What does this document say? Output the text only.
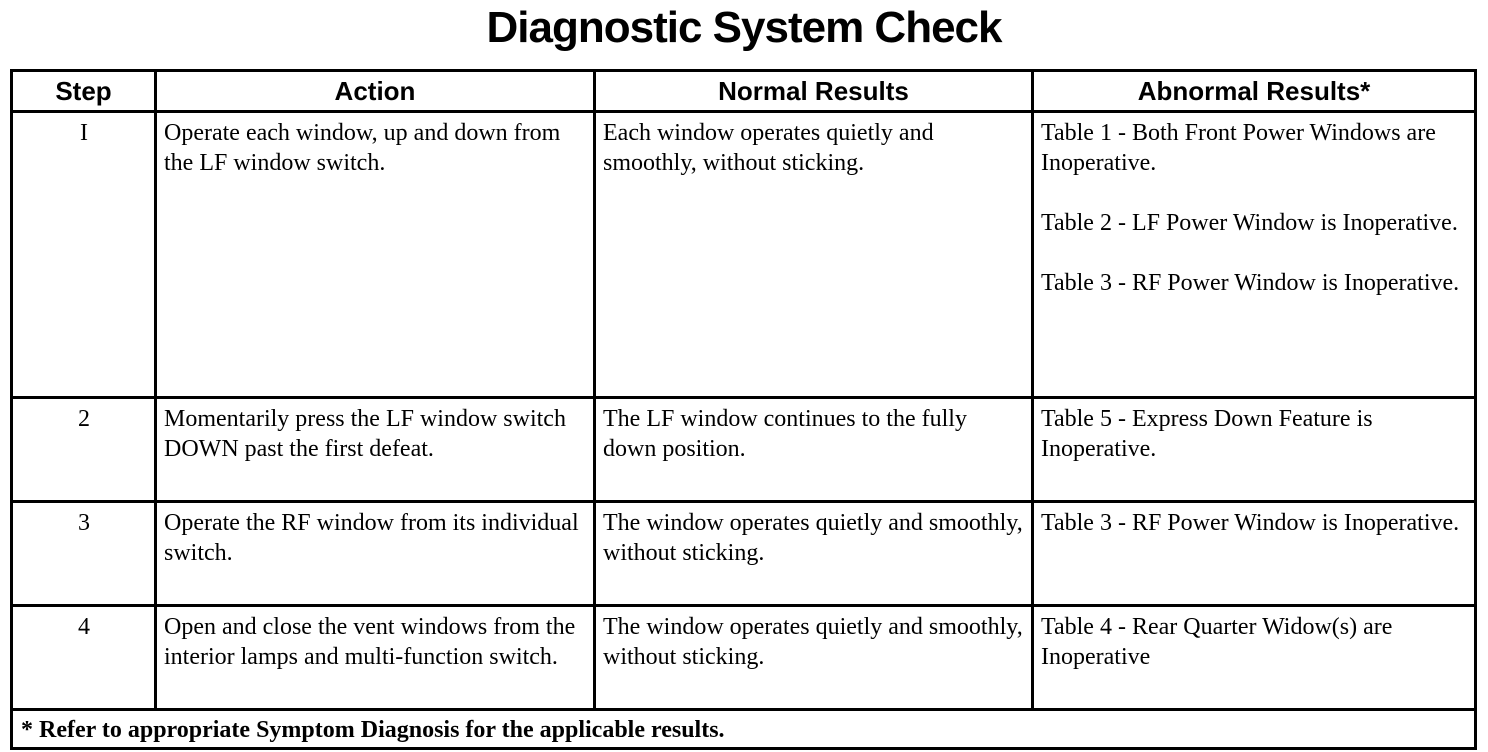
Diagnostic System Check
Step	Action	Normal Results	Abnormal Results*
I	Operate each window, up and down from the LF window switch.	Each window operates quietly and smoothly, without sticking.	Table 1 - Both Front Power Windows are Inoperative.
Table 2 - LF Power Window is Inoperative.
Table 3 - RF Power Window is Inoperative.

2	Momentarily press the LF window switch DOWN past the first defeat.	The LF window continues to the fully down position.	Table 5 - Express Down Feature is Inoperative.

3	Operate the RF window from its individual switch.	The window operates quietly and smoothly, without sticking.	Table 3 - RF Power Window is Inoperative.

4	Open and close the vent windows from the interior lamps and multi-function switch.	The window operates quietly and smoothly, without sticking.	Table 4 - Rear Quarter Widow(s) are Inoperative

* Refer to appropriate Symptom Diagnosis for the applicable results.			
